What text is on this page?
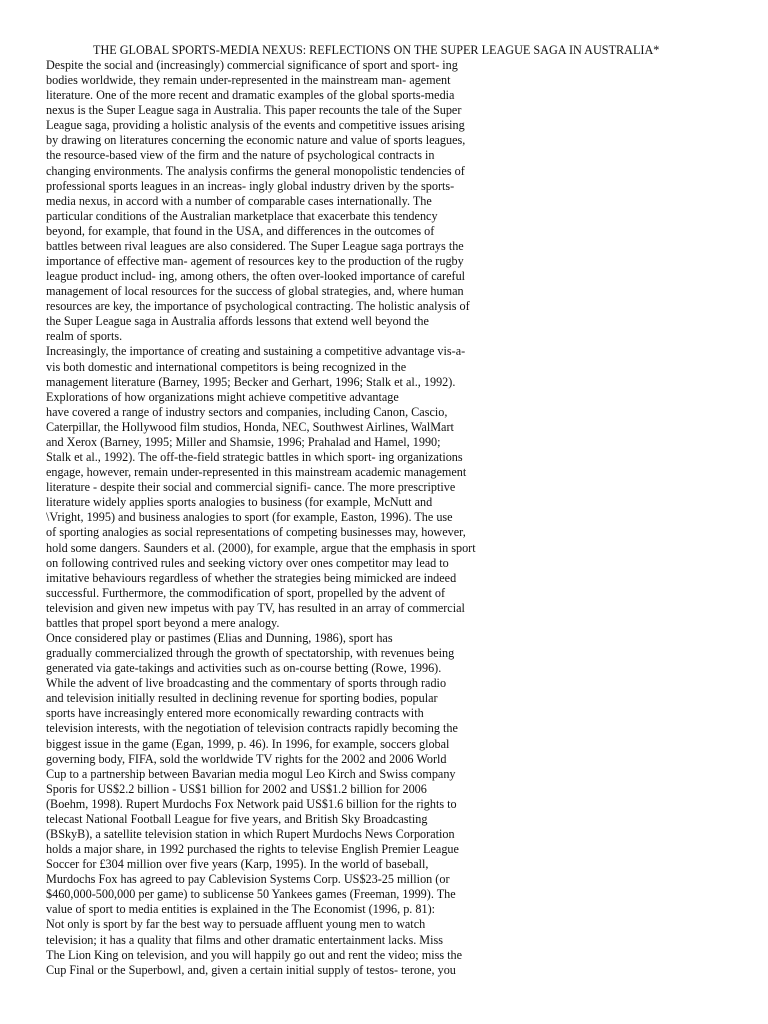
THE GLOBAL SPORTS-MEDIA NEXUS: REFLECTIONS ON THE SUPER LEAGUE SAGA IN AUSTRALIA*

Despite the social and (increasingly) commercial significance of sport and sport- ing
bodies worldwide, they remain under-represented in the mainstream man- agement
literature. One of the more recent and dramatic examples of the global sports-media
nexus is the Super League saga in Australia. This paper recounts the tale of the Super
League saga, providing a holistic analysis of the events and competitive issues arising
by drawing on literatures concerning the economic nature and value of sports leagues,
the resource-based view of the firm and the nature of psychological contracts in
changing environments. The analysis confirms the general monopolistic tendencies of
professional sports leagues in an increas- ingly global industry driven by the sports-
media nexus, in accord with a number of comparable cases internationally. The
particular conditions of the Australian marketplace that exacerbate this tendency
beyond, for example, that found in the USA, and differences in the outcomes of
battles between rival leagues are also considered. The Super League saga portrays the
importance of effective man- agement of resources key to the production of the rugby
league product includ- ing, among others, the often over-looked importance of careful
management of local resources for the success of global strategies, and, where human
resources are key, the importance of psychological contracting. The holistic analysis of
the Super League saga in Australia affords lessons that extend well beyond the
realm of sports.

Increasingly, the importance of creating and sustaining a competitive advantage vis-a-
vis both domestic and international competitors is being recognized in the
management literature (Barney, 1995; Becker and Gerhart, 1996; Stalk et al., 1992).
Explorations of how organizations might achieve competitive advantage
have covered a range of industry sectors and companies, including Canon, Cascio,
Caterpillar, the Hollywood film studios, Honda, NEC, Southwest Airlines, WalMart
and Xerox (Barney, 1995; Miller and Shamsie, 1996; Prahalad and Hamel, 1990;
Stalk et al., 1992). The off-the-field strategic battles in which sport- ing organizations
engage, however, remain under-represented in this mainstream academic management
literature - despite their social and commercial signifi- cance. The more prescriptive
literature widely applies sports analogies to business (for example, McNutt and
\Vright, 1995) and business analogies to sport (for example, Easton, 1996). The use
of sporting analogies as social representations of competing businesses may, however,
hold some dangers. Saunders et al. (2000), for example, argue that the emphasis in sport
on following contrived rules and seeking victory over ones competitor may lead to
imitative behaviours regardless of whether the strategies being mimicked are indeed
successful. Furthermore, the commodification of sport, propelled by the advent of
television and given new impetus with pay TV, has resulted in an array of commercial
battles that propel sport beyond a mere analogy.

Once considered play or pastimes (Elias and Dunning, 1986), sport has
gradually commercialized through the growth of spectatorship, with revenues being
generated via gate-takings and activities such as on-course betting (Rowe, 1996).
While the advent of live broadcasting and the commentary of sports through radio
and television initially resulted in declining revenue for sporting bodies, popular
sports have increasingly entered more economically rewarding contracts with
television interests, with the negotiation of television contracts rapidly becoming the
biggest issue in the game (Egan, 1999, p. 46). In 1996, for example, soccers global
governing body, FIFA, sold the worldwide TV rights for the 2002 and 2006 World
Cup to a partnership between Bavarian media mogul Leo Kirch and Swiss company
Sporis for US$2.2 billion - US$1 billion for 2002 and US$1.2 billion for 2006
(Boehm, 1998). Rupert Murdochs Fox Network paid US$1.6 billion for the rights to
telecast National Football League for five years, and British Sky Broadcasting
(BSkyB), a satellite television station in which Rupert Murdochs News Corporation
holds a major share, in 1992 purchased the rights to televise English Premier League
Soccer for £304 million over five years (Karp, 1995). In the world of baseball,
Murdochs Fox has agreed to pay Cablevision Systems Corp. US$23-25 million (or
$460,000-500,000 per game) to sublicense 50 Yankees games (Freeman, 1999). The
value of sport to media entities is explained in the The Economist (1996, p. 81):

Not only is sport by far the best way to persuade affluent young men to watch
television; it has a quality that films and other dramatic entertainment lacks. Miss
The Lion King on television, and you will happily go out and rent the video; miss the
Cup Final or the Superbowl, and, given a certain initial supply of testos- terone, you
